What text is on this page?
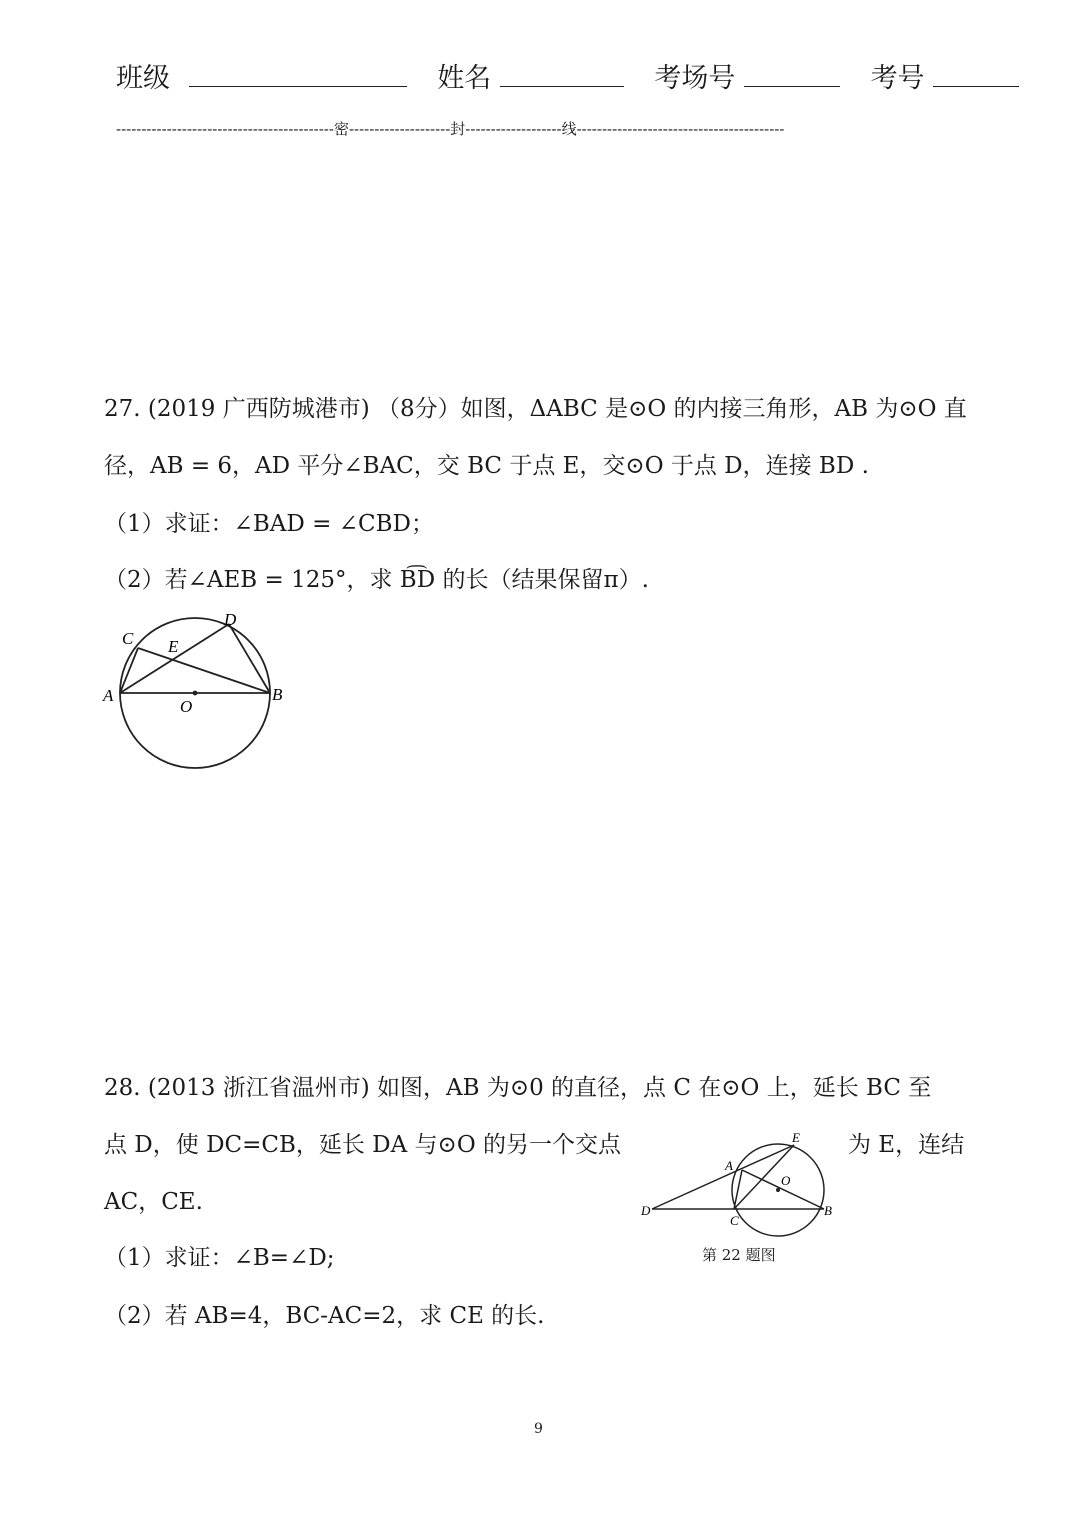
班级	姓名	考场号	考号
-------------------------------------------密--------------------封-------------------线-----------------------------------------
27. (2019 广西防城港市) （8分）如图，ΔABC 是⊙O 的内接三角形，AB 为⊙O 直
径，AB = 6，AD 平分∠BAC，交 BC 于点 E，交⊙O 于点 D，连接 BD .
（1）求证：∠BAD = ∠CBD；
（2）若∠AEB = 125°，求 B͡D 的长（结果保留π）.
A	B
C
D
E
O
28. (2013 浙江省温州市) 如图，AB 为⊙0 的直径，点 C 在⊙O 上，延长 BC 至
点 D，使 DC=CB，延长 DA 与⊙O 的另一个交点	为 E，连结
AC，CE.
（1）求证：∠B=∠D;
（2）若 AB=4，BC-AC=2，求 CE 的长.
D
C
B
A
E
O
第 22 题图
9
